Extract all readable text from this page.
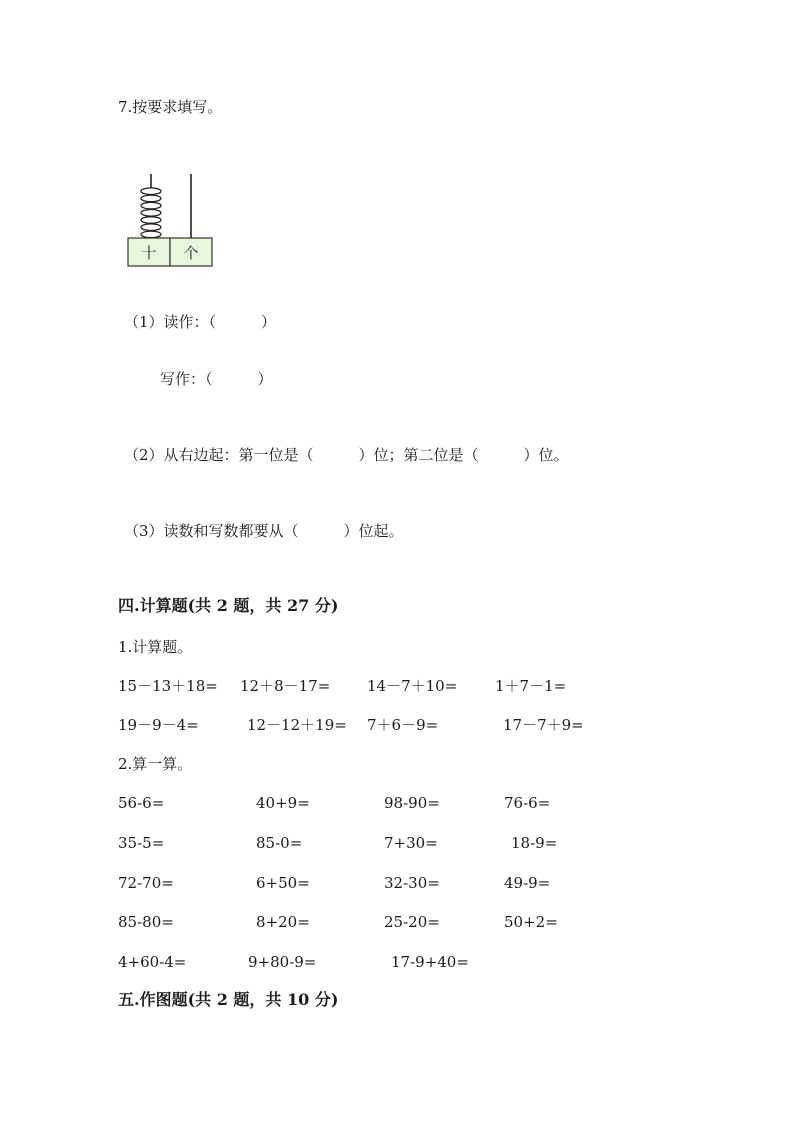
7.按要求填写。
十 个
（1）读作：（　　　）
写作：（　　　）
（2）从右边起：第一位是（　　　）位；第二位是（　　　）位。
（3）读数和写数都要从（　　　）位起。
四.计算题(共 2 题，共 27 分)
1.计算题。
15－13＋18= 12＋8－17= 14－7＋10=	1＋7－1=
19－9－4=	12－12＋19= 7＋6－9=	17－7＋9=
2.算一算。
56-6=	40+9=	98-90=	76-6=
35-5=	85-0=	7+30=	18-9=
72-70=	6+50=	32-30=	49-9=
85-80=	8+20=	25-20=	50+2=
4+60-4=	9+80-9=	17-9+40=
五.作图题(共 2 题，共 10 分)
